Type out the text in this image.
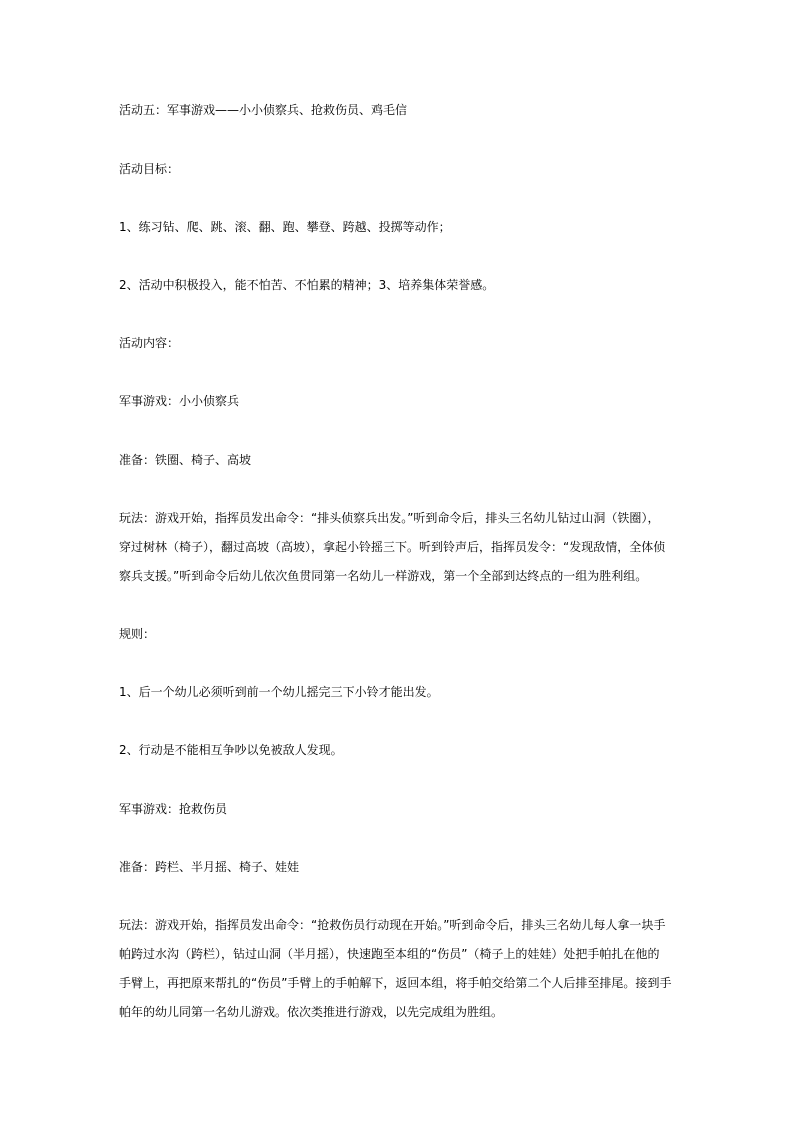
活动五：军事游戏——小小侦察兵、抢救伤员、鸡毛信

活动目标：

1、练习钻、爬、跳、滚、翻、跑、攀登、跨越、投掷等动作；

2、活动中积极投入，能不怕苦、不怕累的精神；3、培养集体荣誉感。

活动内容：

军事游戏：小小侦察兵

准备：铁圈、椅子、高坡

玩法：游戏开始，指挥员发出命令：“排头侦察兵出发。”听到命令后，排头三名幼儿钻过山洞（铁圈），

穿过树林（椅子），翻过高坡（高坡），拿起小铃摇三下。听到铃声后，指挥员发令：“发现敌情，全体侦

察兵支援。”听到命令后幼儿依次鱼贯同第一名幼儿一样游戏，第一个全部到达终点的一组为胜利组。

规则：

1、后一个幼儿必须听到前一个幼儿摇完三下小铃才能出发。

2、行动是不能相互争吵以免被敌人发现。

军事游戏：抢救伤员

准备：跨栏、半月摇、椅子、娃娃

玩法：游戏开始，指挥员发出命令：“抢救伤员行动现在开始。”听到命令后，排头三名幼儿每人拿一块手

帕跨过水沟（跨栏），钻过山洞（半月摇），快速跑至本组的“伤员”（椅子上的娃娃）处把手帕扎在他的

手臂上，再把原来帮扎的“伤员”手臂上的手帕解下，返回本组，将手帕交给第二个人后排至排尾。接到手

帕年的幼儿同第一名幼儿游戏。依次类推进行游戏，以先完成组为胜组。
